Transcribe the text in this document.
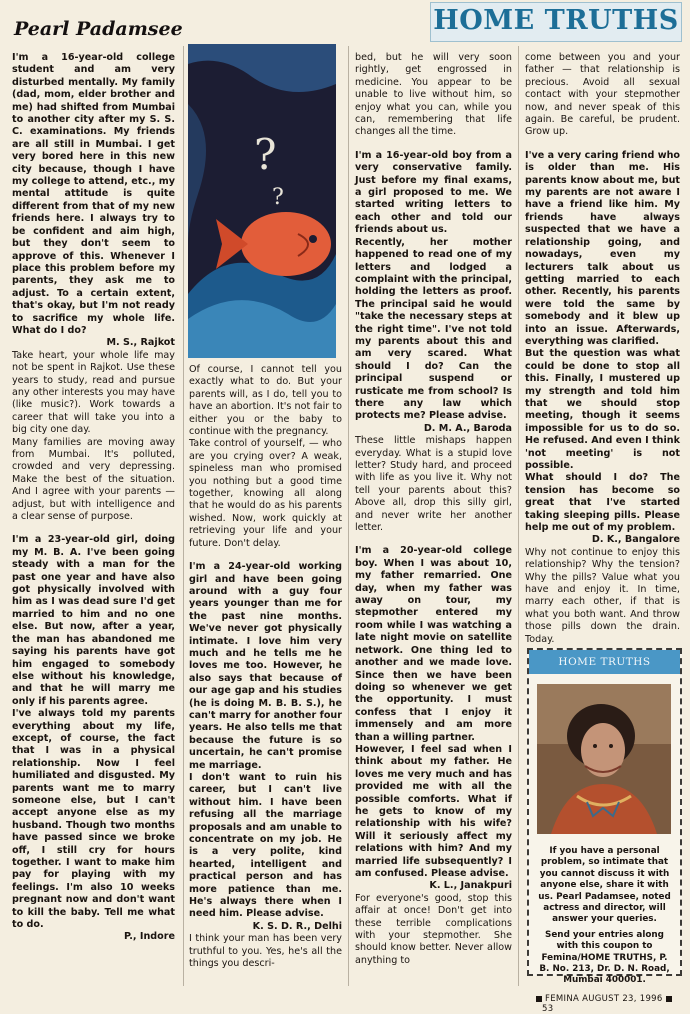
Pearl Padamsee	HOME TRUTHS
?
?

I'm a 16-year-old college student and am very disturbed mentally. My family (dad, mom, elder brother and me) had shifted from Mumbai to another city after my S. S. C. examinations. My friends are all still in Mumbai. I get very bored here in this new city because, though I have my college to attend, etc., my mental attitude is quite different from that of my new friends here. I always try to be confident and aim high, but they don't seem to approve of this. Whenever I place this problem before my parents, they ask me to adjust. To a certain extent, that's okay, but I'm not ready to sacrifice my whole life. What do I do?

M. S., Rajkot

Take heart, your whole life may not be spent in Rajkot. Use these years to study, read and pursue any other interests you may have (like music?). Work towards a career that will take you into a big city one day.

Many families are moving away from Mumbai. It's polluted, crowded and very depressing. Make the best of the situation. And I agree with your parents — adjust, but with intelligence and a clear sense of purpose.

I'm a 23-year-old girl, doing my M. B. A. I've been going steady with a man for the past one year and have also got physically involved with him as I was dead sure I'd get married to him and no one else. But now, after a year, the man has abandoned me saying his parents have got him engaged to somebody else without his knowledge, and that he will marry me only if his parents agree.

I've always told my parents everything about my life, except, of course, the fact that I was in a physical relationship. Now I feel humiliated and disgusted. My parents want me to marry someone else, but I can't accept anyone else as my husband. Though two months have passed since we broke off, I still cry for hours together. I want to make him pay for playing with my feelings. I'm also 10 weeks pregnant now and don't want to kill the baby. Tell me what to do.

P., Indore

Of course, I cannot tell you exactly what to do. But your parents will, as I do, tell you to have an abortion. It's not fair to either you or the baby to continue with the pregnancy.

Take control of yourself, — who are you crying over? A weak, spineless man who promised you nothing but a good time together, knowing all along that he would do as his parents wished. Now, work quickly at retrieving your life and your future. Don't delay.

I'm a 24-year-old working girl and have been going around with a guy four years younger than me for the past nine months. We've never got physically intimate. I love him very much and he tells me he loves me too. However, he also says that because of our age gap and his studies (he is doing M. B. B. S.), he can't marry for another four years. He also tells me that because the future is so uncertain, he can't promise me marriage.

I don't want to ruin his career, but I can't live without him. I have been refusing all the marriage proposals and am unable to concentrate on my job. He is a very polite, kind hearted, intelligent and practical person and has more patience than me. He's always there when I need him. Please advise.

K. S. D. R., Delhi

I think your man has been very truthful to you. Yes, he's all the things you descri-

bed, but he will very soon rightly, get engrossed in medicine. You appear to be unable to live without him, so enjoy what you can, while you can, remembering that life changes all the time.

I'm a 16-year-old boy from a very conservative family. Just before my final exams, a girl proposed to me. We started writing letters to each other and told our friends about us.

Recently, her mother happened to read one of my letters and lodged a complaint with the principal, holding the letters as proof. The principal said he would "take the necessary steps at the right time". I've not told my parents about this and am very scared. What should I do? Can the principal suspend or rusticate me from school? Is there any law which protects me? Please advise.

D. M. A., Baroda

These little mishaps happen everyday. What is a stupid love letter? Study hard, and proceed with life as you live it. Why not tell your parents about this? Above all, drop this silly girl, and never write her another letter.

I'm a 20-year-old college boy. When I was about 10, my father remarried. One day, when my father was away on tour, my stepmother entered my room while I was watching a late night movie on satellite network. One thing led to another and we made love. Since then we have been doing so whenever we get the opportunity. I must confess that I enjoy it immensely and am more than a willing partner.

However, I feel sad when I think about my father. He loves me very much and has provided me with all the possible comforts. What if he gets to know of my relationship with his wife? Will it seriously affect my relations with him? And my married life subsequently? I am confused. Please advise.

K. L., Janakpuri

For everyone's good, stop this affair at once! Don't get into these terrible complications with your stepmother. She should know better. Never allow anything to

come between you and your father — that relationship is precious. Avoid all sexual contact with your stepmother now, and never speak of this again. Be careful, be prudent. Grow up.

I've a very caring friend who is older than me. His parents know about me, but my parents are not aware I have a friend like him. My friends have always suspected that we have a relationship going, and nowadays, even my lecturers talk about us getting married to each other. Recently, his parents were told the same by somebody and it blew up into an issue. Afterwards, everything was clarified.

But the question was what could be done to stop all this. Finally, I mustered up my strength and told him that we should stop meeting, though it seems impossible for us to do so. He refused. And even I think 'not meeting' is not possible.

What should I do? The tension has become so great that I've started taking sleeping pills. Please help me out of my problem.

D. K., Bangalore

Why not continue to enjoy this relationship? Why the tension? Why the pills? Value what you have and enjoy it. In time, marry each other, if that is what you both want. And throw those pills down the drain. Today.

HOME TRUTHS

If you have a personal problem, so intimate that you cannot discuss it with anyone else, share it with us. Pearl Padamsee, noted actress and director, will answer your queries.

Send your entries along with this coupon to Femina/HOME TRUTHS, P. B. No. 213, Dr. D. N. Road, Mumbai 400001.

FEMINA AUGUST 23, 1996    53
